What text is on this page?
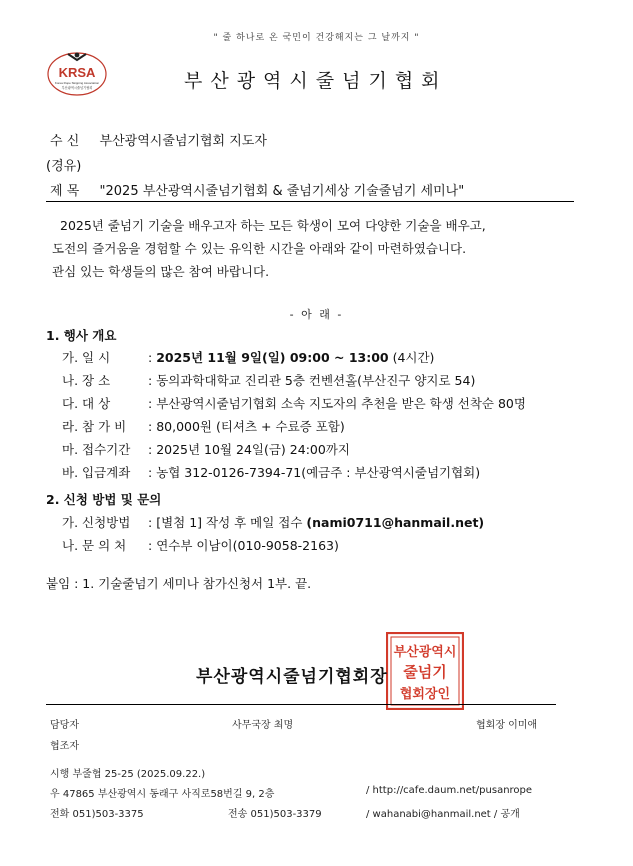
" 줄 하나로 온 국민이 건강해지는 그 날까지 "
KRSA
Korea Rope Skipping Association
부산광역시줄넘기협회	부산광역시줄넘기협회
수 신 부산광역시줄넘기협회 지도자
(경유)
제 목 "2025 부산광역시줄넘기협회 & 줄넘기세상 기술줄넘기 세미나"
2025년 줄넘기 기술을 배우고자 하는 모든 학생이 모여 다양한 기술을 배우고,
도전의 즐거움을 경험할 수 있는 유익한 시간을 아래와 같이 마련하였습니다.
관심 있는 학생들의 많은 참여 바랍니다.
- 아 래 -
1. 행사 개요
가. 일 시	: 2025년 11월 9일(일) 09:00 ~ 13:00 (4시간)
나. 장 소	: 동의과학대학교 진리관 5층 컨벤션홀(부산진구 양지로 54)
다. 대 상	: 부산광역시줄넘기협회 소속 지도자의 추천을 받은 학생 선착순 80명
라. 참 가 비 : 80,000원 (티셔츠 + 수료증 포함)
마. 접수기간 : 2025년 10월 24일(금) 24:00까지
바. 입금계좌 : 농협 312-0126-7394-71(예금주 : 부산광역시줄넘기협회)
2. 신청 방법 및 문의
가. 신청방법 : [별첨 1] 작성 후 메일 접수 (nami0711@hanmail.net)
나. 문 의 처 : 연수부 이남이(010-9058-2163)
붙임 : 1. 기술줄넘기 세미나 참가신청서 1부. 끝.
부산광역시
줄넘기
협회장인
부산광역시줄넘기협회장
담당자	사무국장 최명	협회장 이미애
협조자
시행 부줄협 25-25 (2025.09.22.)
우 47865 부산광역시 동래구 사직로58번길 9, 2층	/ http://cafe.daum.net/pusanrope
전화 051)503-3375	전송 051)503-3379	/ wahanabi@hanmail.net / 공개
